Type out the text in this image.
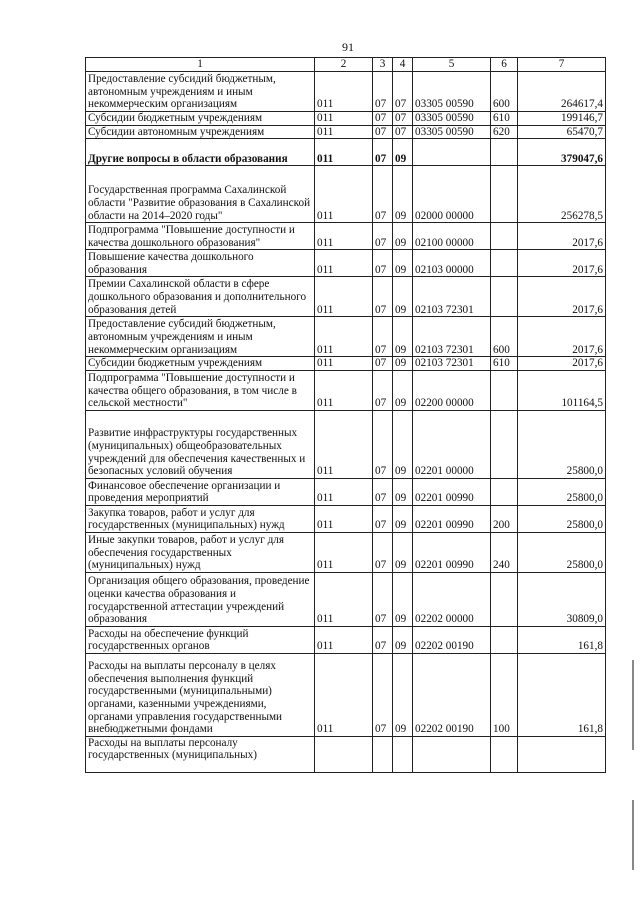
91
1	2	3	4	5	6	7
Предоставление субсидий бюджетным, автономным учреждениям и иным некоммерческим организациям	011	07	07	03305 00590	600	264617,4
Субсидии бюджетным учреждениям	011	07	07	03305 00590	610	199146,7
Субсидии автономным учреждениям	011	07	07	03305 00590	620	65470,7
Другие вопросы в области образования	011	07	09			379047,6
Государственная программа Сахалинской области "Развитие образования в Сахалинской области на 2014–2020 годы"	011	07	09	02000 00000		256278,5
Подпрограмма "Повышение доступности и качества дошкольного образования"	011	07	09	02100 00000		2017,6
Повышение качества дошкольного образования	011	07	09	02103 00000		2017,6
Премии Сахалинской области в сфере дошкольного образования и дополнительного образования детей	011	07	09	02103 72301		2017,6
Предоставление субсидий бюджетным, автономным учреждениям и иным некоммерческим организациям	011	07	09	02103 72301	600	2017,6
Субсидии бюджетным учреждениям	011	07	09	02103 72301	610	2017,6
Подпрограмма "Повышение доступности и качества общего образования, в том числе в сельской местности"	011	07	09	02200 00000		101164,5
Развитие инфраструктуры государственных (муниципальных) общеобразовательных учреждений для обеспечения качественных и безопасных условий обучения	011	07	09	02201 00000		25800,0
Финансовое обеспечение организации и проведения мероприятий	011	07	09	02201 00990		25800,0
Закупка товаров, работ и услуг для государственных (муниципальных) нужд	011	07	09	02201 00990	200	25800,0
Иные закупки товаров, работ и услуг для обеспечения государственных (муниципальных) нужд	011	07	09	02201 00990	240	25800,0
Организация общего образования, проведение оценки качества образования и государственной аттестации учреждений образования	011	07	09	02202 00000		30809,0
Расходы на обеспечение функций государственных органов	011	07	09	02202 00190		161,8
Расходы на выплаты персоналу в целях обеспечения выполнения функций государственными (муниципальными) органами, казенными учреждениями, органами управления государственными внебюджетными фондами	011	07	09	02202 00190	100	161,8
Расходы на выплаты персоналу государственных (муниципальных)						
